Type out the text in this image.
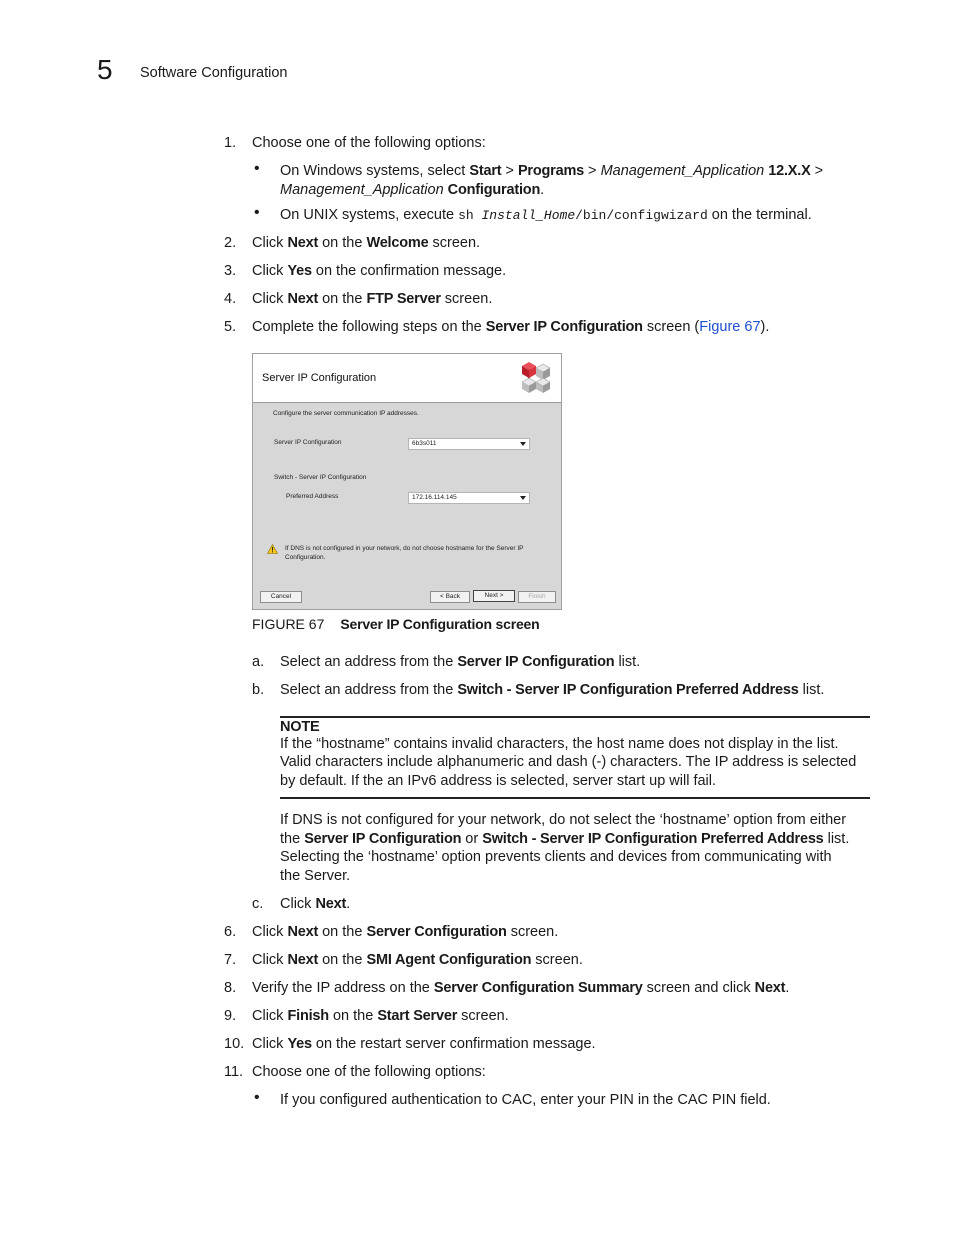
5 Software Configuration
1.	Choose one of the following options:
• On Windows systems, select Start > Programs > Management_Application 12.X.X >
Management_Application Configuration.
• On UNIX systems, execute sh Install_Home/bin/configwizard on the terminal.
2.	Click Next on the Welcome screen.
3.	Click Yes on the confirmation message.
4.	Click Next on the FTP Server screen.
5.	Complete the following steps on the Server IP Configuration screen (Figure 67).
Server IP Configuration
Configure the server communication IP addresses.
Server IP Configuration	6b3s011
Switch - Server IP Configuration
Preferred Address	172.16.114.145
If DNS is not configured in your network, do not choose hostname for the Server IP
Configuration.
Cancel	< Back	Next >	Finish
FIGURE 67 Server IP Configuration screen
a.	Select an address from the Server IP Configuration list.
b.	Select an address from the Switch - Server IP Configuration Preferred Address list.
NOTE
If the “hostname” contains invalid characters, the host name does not display in the list.
Valid characters include alphanumeric and dash (-) characters. The IP address is selected
by default. If the an IPv6 address is selected, server start up will fail.
If DNS is not configured for your network, do not select the ‘hostname’ option from either
the Server IP Configuration or Switch - Server IP Configuration Preferred Address list.
Selecting the ‘hostname’ option prevents clients and devices from communicating with
the Server.
c.	Click Next.
6.	Click Next on the Server Configuration screen.
7.	Click Next on the SMI Agent Configuration screen.
8.	Verify the IP address on the Server Configuration Summary screen and click Next.
9.	Click Finish on the Start Server screen.
10. Click Yes on the restart server confirmation message.
11. Choose one of the following options:
• If you configured authentication to CAC, enter your PIN in the CAC PIN field.
